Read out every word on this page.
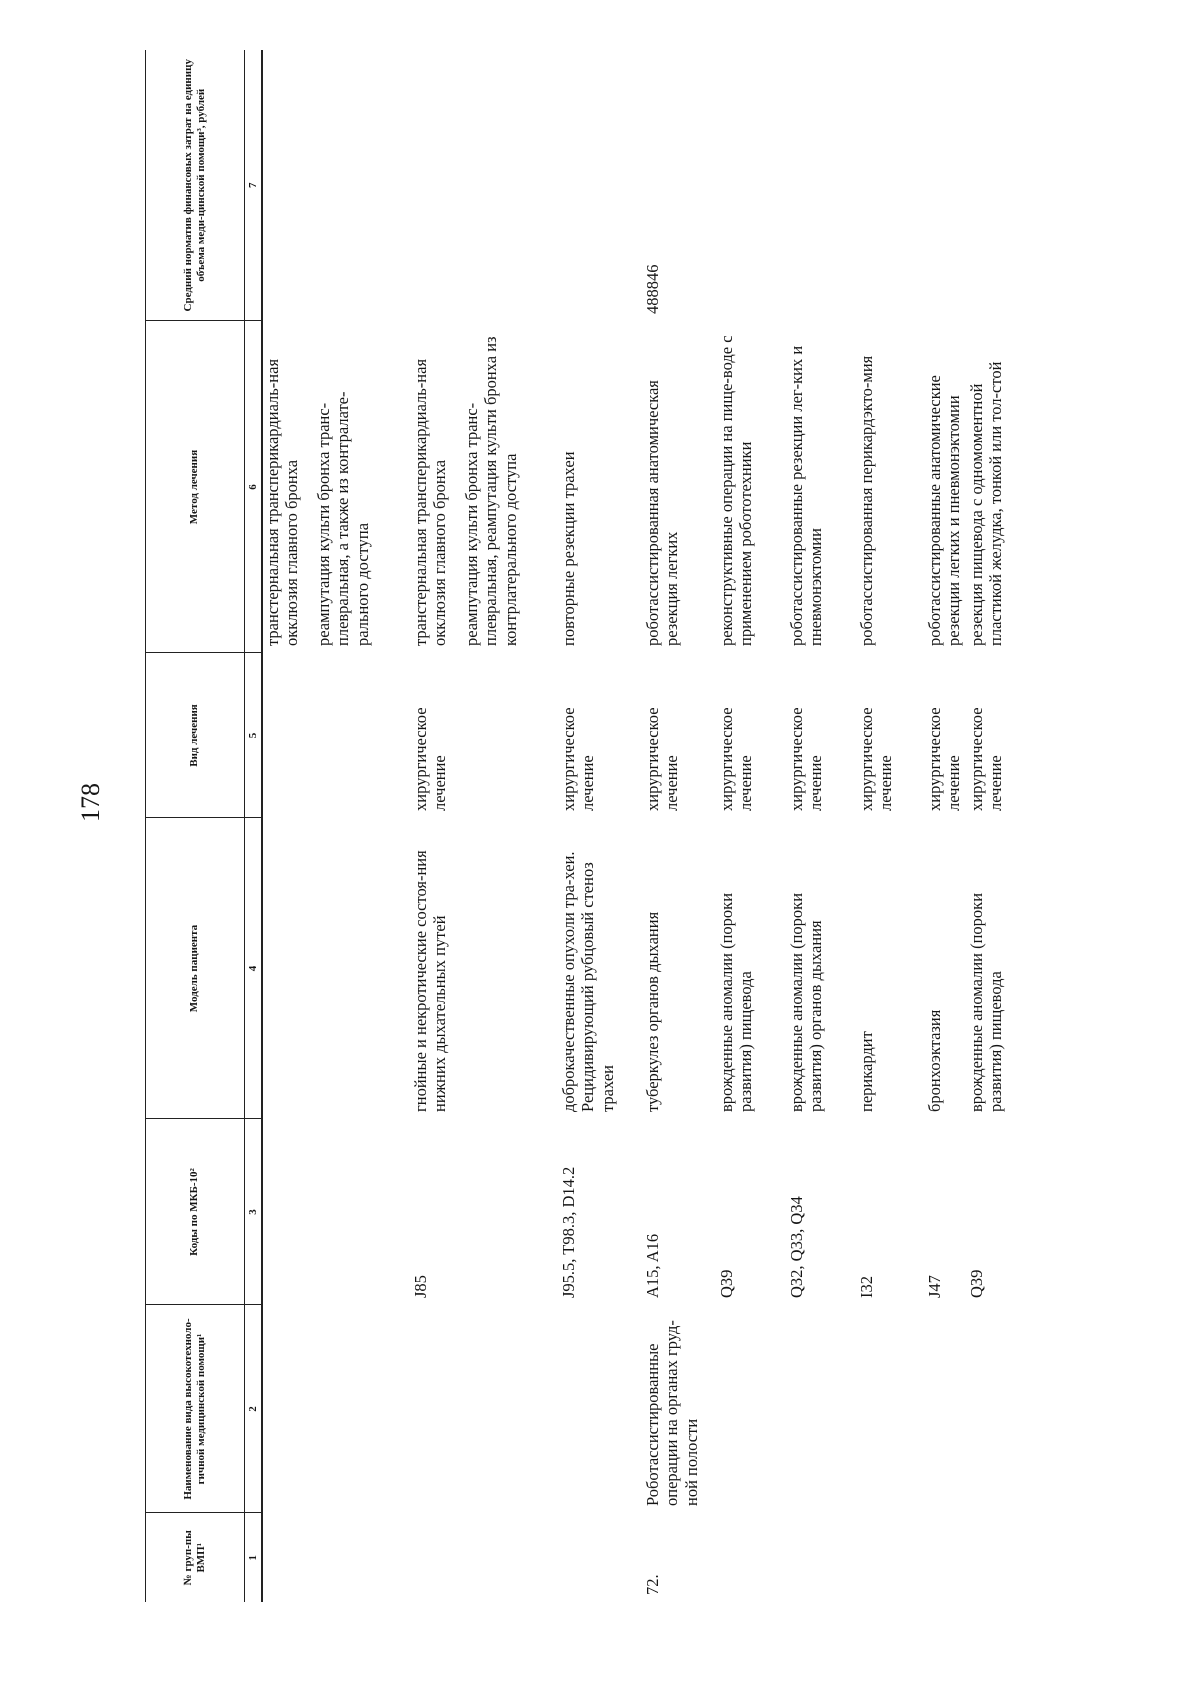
178
№ груп-пы ВМП¹	Наименование вида высокотехноло-гичной медицинской помощи¹	Коды по МКБ-10²	Модель пациента	Вид лечения	Метод лечения	Средний норматив финансовых затрат на единицу объема меди-цинской помощи³, рублей
1	2	3	4	5	6	7

					транстернальная трансперикардиаль-ная окклюзия главного бронха реампутация культи бронха транс-плевральная, а также из контралате-рального доступа	

		J85	гнойные и некротические состоя-ния нижних дыхательных путей	хирургическое лечение	транстернальная трансперикардиаль-ная окклюзия главного бронха реампутация культи бронха транс-плевральная, реампутация культи бронха из контрлатерального доступа	

		J95.5, T98.3, D14.2	доброкачественные опухоли тра-хеи. Рецидивирующий рубцовый стеноз трахеи	хирургическое лечение	повторные резекции трахеи	

72.	Роботассистированные операции на органах груд-ной полости	A15, A16	туберкулез органов дыхания	хирургическое лечение	роботассистированная анатомическая резекция легких	488846
		Q39	врожденные аномалии (пороки развития) пищевода	хирургическое лечение	реконструктивные операции на пище-воде с применением робототехники	

		Q32, Q33, Q34	врожденные аномалии (пороки развития) органов дыхания	хирургическое лечение	роботассистированные резекции лег-ких и пневмонэктомии	

		I32	перикардит	хирургическое лечение	роботассистированная перикардэкто-мия	

		J47	бронхоэктазия	хирургическое лечение	роботассистированные анатомические резекции легких и пневмонэктомии	

		Q39	врожденные аномалии (пороки развития) пищевода	хирургическое лечение	резекция пищевода с одномоментной пластикой желудка, тонкой или тол-стой	
